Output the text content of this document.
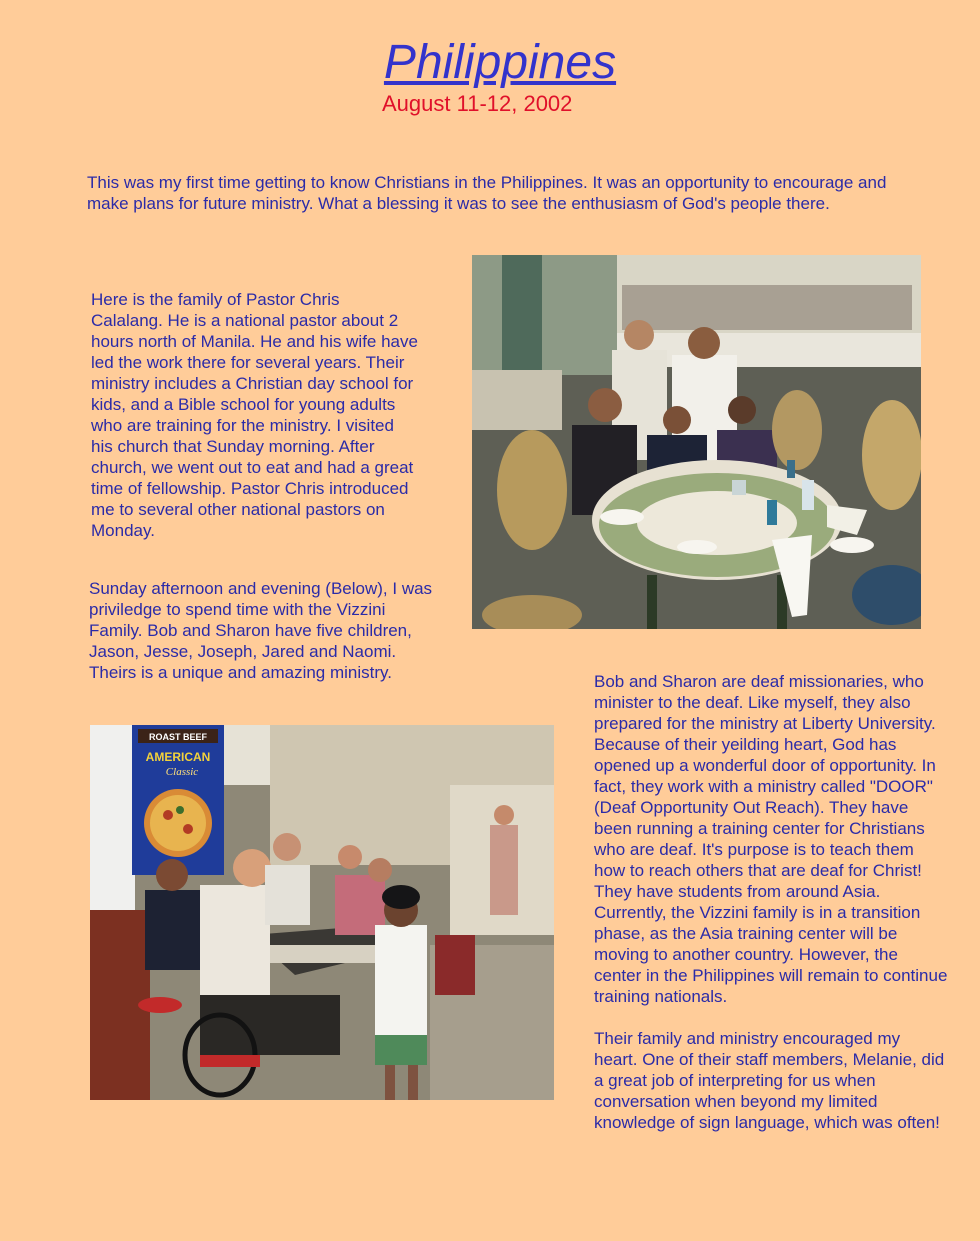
Philippines
August 11-12, 2002

This was my first time getting to know Christians in the Philippines. It was an opportunity to encourage and
make plans for future ministry. What a blessing it was to see the enthusiasm of God's people there.

Here is the family of Pastor Chris
Calalang. He is a national pastor about 2
hours north of Manila. He and his wife have
led the work there for several years. Their
ministry includes a Christian day school for
kids, and a Bible school for young adults
who are training for the ministry. I visited
his church that Sunday morning. After
church, we went out to eat and had a great
time of fellowship. Pastor Chris introduced
me to several other national pastors on
Monday.

Sunday afternoon and evening (Below), I was
priviledge to spend time with the Vizzini
Family. Bob and Sharon have five children,
Jason, Jesse, Joseph, Jared and Naomi.
Theirs is a unique and amazing ministry.

ROAST BEEF
AMERICAN
Classic

Bob and Sharon are deaf missionaries, who
minister to the deaf. Like myself, they also
prepared for the ministry at Liberty University.
Because of their yeilding heart, God has
opened up a wonderful door of opportunity. In
fact, they work with a ministry called "DOOR"
(Deaf Opportunity Out Reach). They have
been running a training center for Christians
who are deaf. It's purpose is to teach them
how to reach others that are deaf for Christ!
They have students from around Asia.
Currently, the Vizzini family is in a transition
phase, as the Asia training center will be
moving to another country. However, the
center in the Philippines will remain to continue
training nationals.

Their family and ministry encouraged my
heart. One of their staff members, Melanie, did
a great job of interpreting for us when
conversation when beyond my limited
knowledge of sign language, which was often!
